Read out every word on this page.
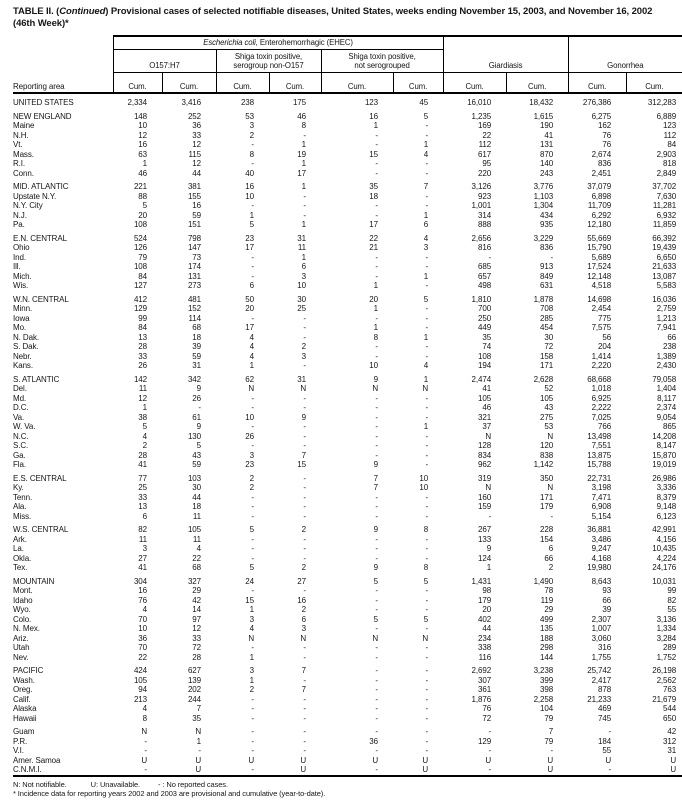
TABLE II. (Continued) Provisional cases of selected notifiable diseases, United States, weeks ending November 15, 2003, and November 16, 2002
(46th Week)*
Reporting area	Escherichia coli, Enterohemorrhagic (EHEC)						Giardiasis		Gonorrhea	
	O157:H7		Shiga toxin positive,
serogroup non-O157		Shiga toxin positive,
not serogrouped					
	Cum.	Cum.	Cum.	Cum.	Cum.	Cum.	Cum.	Cum.	Cum.	Cum.

UNITED STATES	2,334	3,416	238	175	123	45	16,010	18,432	276,386	312,283
NEW ENGLAND	148	252	53	46	16	5	1,235	1,615	6,275	6,889
Maine	10	36	3	8	1	-	169	190	162	123
N.H.	12	33	2	-	-	-	22	41	76	112
Vt.	16	12	-	1	-	1	112	131	76	84
Mass.	63	115	8	19	15	4	617	870	2,674	2,903
R.I.	1	12	-	1	-	-	95	140	836	818
Conn.	46	44	40	17	-	-	220	243	2,451	2,849
MID. ATLANTIC	221	381	16	1	35	7	3,126	3,776	37,079	37,702
Upstate N.Y.	88	155	10	-	18	-	923	1,103	6,898	7,630
N.Y. City	5	16	-	-	-	-	1,001	1,304	11,709	11,281
N.J.	20	59	1	-	-	1	314	434	6,292	6,932
Pa.	108	151	5	1	17	6	888	935	12,180	11,859
E.N. CENTRAL	524	798	23	31	22	4	2,656	3,229	55,669	66,392
Ohio	126	147	17	11	21	3	816	836	15,790	19,439
Ind.	79	73	-	1	-	-	-	-	5,689	6,650
Ill.	108	174	-	6	-	-	685	913	17,524	21,633
Mich.	84	131	-	3	-	1	657	849	12,148	13,087
Wis.	127	273	6	10	1	-	498	631	4,518	5,583
W.N. CENTRAL	412	481	50	30	20	5	1,810	1,878	14,698	16,036
Minn.	129	152	20	25	1	-	700	708	2,454	2,759
Iowa	99	114	-	-	-	-	250	285	775	1,213
Mo.	84	68	17	-	1	-	449	454	7,575	7,941
N. Dak.	13	18	4	-	8	1	35	30	56	66
S. Dak.	28	39	4	2	-	-	74	72	204	238
Nebr.	33	59	4	3	-	-	108	158	1,414	1,389
Kans.	26	31	1	-	10	4	194	171	2,220	2,430
S. ATLANTIC	142	342	62	31	9	1	2,474	2,628	68,668	79,058
Del.	11	9	N	N	N	N	41	52	1,018	1,404
Md.	12	26	-	-	-	-	105	105	6,925	8,117
D.C.	1	-	-	-	-	-	46	43	2,222	2,374
Va.	38	61	10	9	-	-	321	275	7,025	9,054
W. Va.	5	9	-	-	-	1	37	53	766	865
N.C.	4	130	26	-	-	-	N	N	13,498	14,208
S.C.	2	5	-	-	-	-	128	120	7,551	8,147
Ga.	28	43	3	7	-	-	834	838	13,875	15,870
Fla.	41	59	23	15	9	-	962	1,142	15,788	19,019
E.S. CENTRAL	77	103	2	-	7	10	319	350	22,731	26,986
Ky.	25	30	2	-	7	10	N	N	3,198	3,336
Tenn.	33	44	-	-	-	-	160	171	7,471	8,379
Ala.	13	18	-	-	-	-	159	179	6,908	9,148
Miss.	6	11	-	-	-	-	-	-	5,154	6,123
W.S. CENTRAL	82	105	5	2	9	8	267	228	36,881	42,991
Ark.	11	11	-	-	-	-	133	154	3,486	4,156
La.	3	4	-	-	-	-	9	6	9,247	10,435
Okla.	27	22	-	-	-	-	124	66	4,168	4,224
Tex.	41	68	5	2	9	8	1	2	19,980	24,176
MOUNTAIN	304	327	24	27	5	5	1,431	1,490	8,643	10,031
Mont.	16	29	-	-	-	-	98	78	93	99
Idaho	76	42	15	16	-	-	179	119	66	82
Wyo.	4	14	1	2	-	-	20	29	39	55
Colo.	70	97	3	6	5	5	402	499	2,307	3,136
N. Mex.	10	12	4	3	-	-	44	135	1,007	1,334
Ariz.	36	33	N	N	N	N	234	188	3,060	3,284
Utah	70	72	-	-	-	-	338	298	316	289
Nev.	22	28	1	-	-	-	116	144	1,755	1,752
PACIFIC	424	627	3	7	-	-	2,692	3,238	25,742	26,198
Wash.	105	139	1	-	-	-	307	399	2,417	2,562
Oreg.	94	202	2	7	-	-	361	398	878	763
Calif.	213	244	-	-	-	-	1,876	2,258	21,233	21,679
Alaska	4	7	-	-	-	-	76	104	469	544
Hawaii	8	35	-	-	-	-	72	79	745	650
Guam	N	N	-	-	-	-	-	7	-	42
P.R.	-	1	-	-	36	-	129	79	184	312
V.I.	-	-	-	-	-	-	-	-	55	31
Amer. Samoa	U	U	U	U	U	U	U	U	U	U
C.N.M.I.	-	U	-	U	-	U	-	U	-	U
N: Not notifiable.	U: Unavailable. - : No reported cases.
* Incidence data for reporting years 2002 and 2003 are provisional and cumulative (year-to-date).
